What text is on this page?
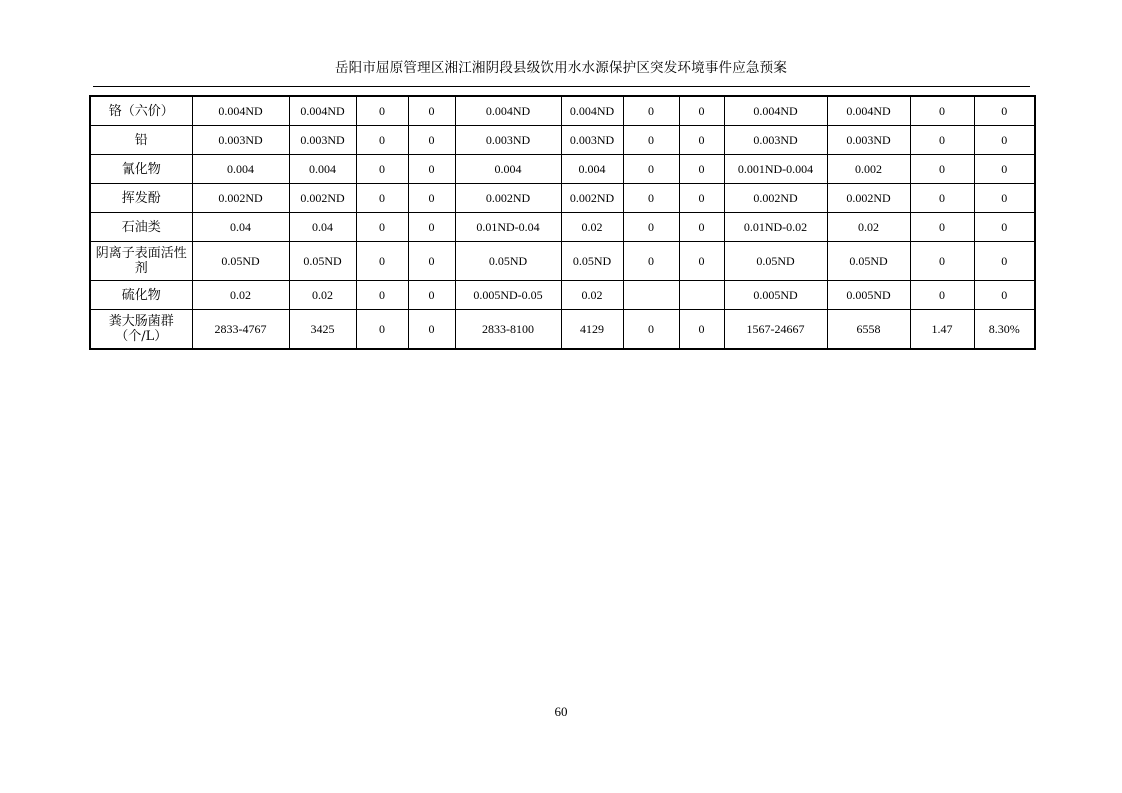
岳阳市屈原管理区湘江湘阴段县级饮用水水源保护区突发环境事件应急预案
铬（六价）	0.004ND	0.004ND	0	0	0.004ND	0.004ND	0	0	0.004ND	0.004ND	0	0
铅	0.003ND	0.003ND	0	0	0.003ND	0.003ND	0	0	0.003ND	0.003ND	0	0
氰化物	0.004	0.004	0	0	0.004	0.004	0	0	0.001ND-0.004	0.002	0	0
挥发酚	0.002ND	0.002ND	0	0	0.002ND	0.002ND	0	0	0.002ND	0.002ND	0	0
石油类	0.04	0.04	0	0	0.01ND-0.04	0.02	0	0	0.01ND-0.02	0.02	0	0
阴离子表面活性剂	0.05ND	0.05ND	0	0	0.05ND	0.05ND	0	0	0.05ND	0.05ND	0	0
硫化物	0.02	0.02	0	0	0.005ND-0.05	0.02			0.005ND	0.005ND	0	0
粪大肠菌群（个/L）	2833-4767	3425	0	0	2833-8100	4129	0	0	1567-24667	6558	1.47	8.30%
60
